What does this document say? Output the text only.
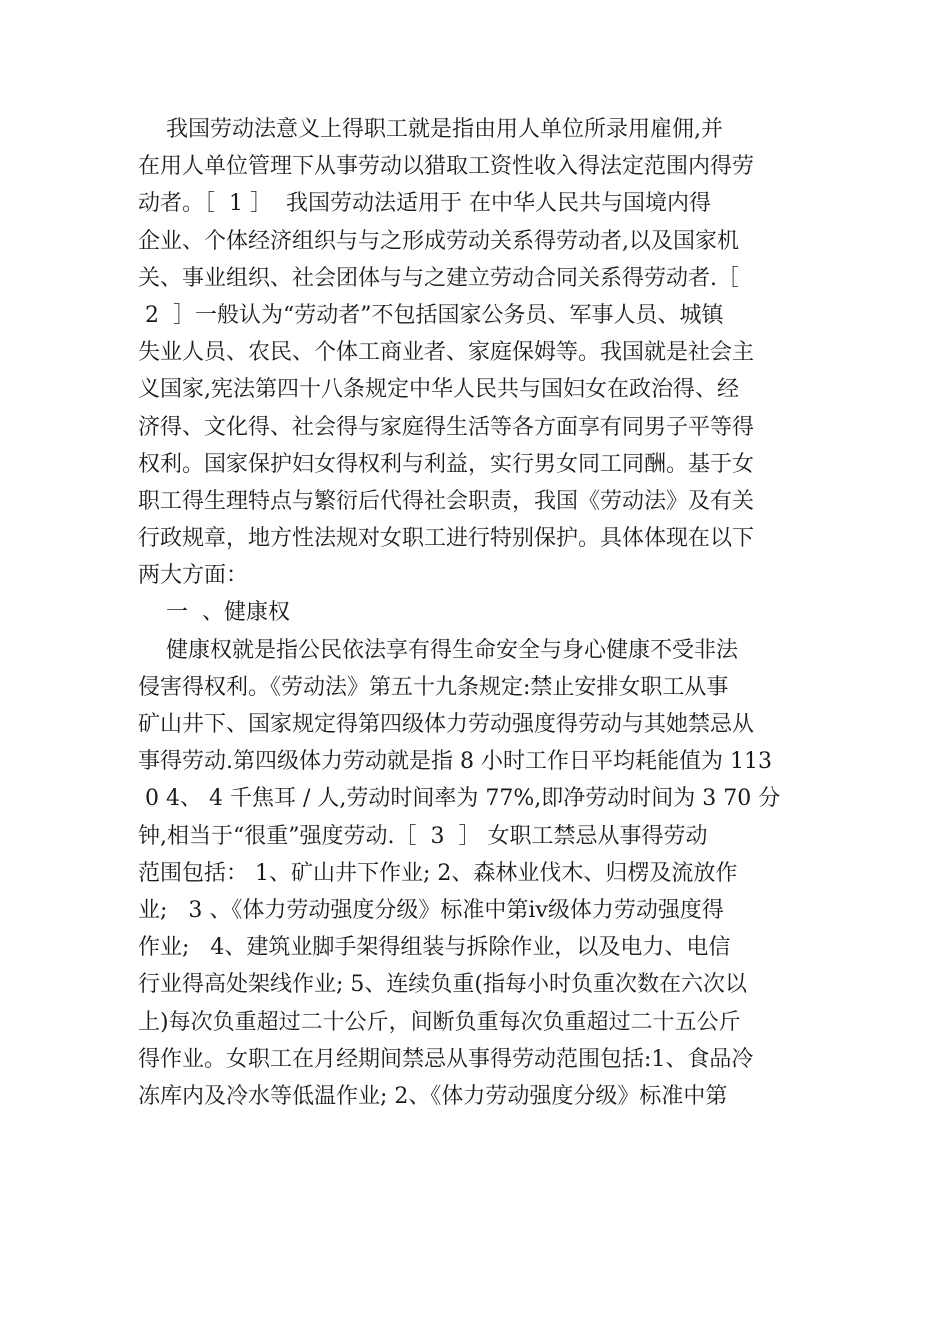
我国劳动法意义上得职工就是指由用人单位所录用雇佣,并
在用人单位管理下从事劳动以猎取工资性收入得法定范围内得劳
动者。［  1 ］  我国劳动法适用于 在中华人民共与国境内得
企业、个体经济组织与与之形成劳动关系得劳动者,以及国家机
关、事业组织、社会团体与与之建立劳动合同关系得劳动者.［
2  ］一般认为“劳动者”不包括国家公务员、军事人员、城镇
失业人员、农民、个体工商业者、家庭保姆等。我国就是社会主
义国家,宪法第四十八条规定中华人民共与国妇女在政治得、经
济得、文化得、社会得与家庭得生活等各方面享有同男子平等得
权利。国家保护妇女得权利与利益，实行男女同工同酬。基于女
职工得生理特点与繁衍后代得社会职责，我国《劳动法》及有关
行政规章，地方性法规对女职工进行特别保护。具体体现在以下
两大方面：
一  、健康权
健康权就是指公民依法享有得生命安全与身心健康不受非法
侵害得权利。《劳动法》第五十九条规定:禁止安排女职工从事
矿山井下、国家规定得第四级体力劳动强度得劳动与其她禁忌从
事得劳动.第四级体力劳动就是指 8 小时工作日平均耗能值为 113
0 4、 4 千焦耳 / 人,劳动时间率为 77%,即净劳动时间为 3 70 分
钟,相当于“很重”强度劳动.［  3  ］ 女职工禁忌从事得劳动
范围包括： 1、矿山井下作业; 2、森林业伐木、归楞及流放作
业;   3 、《体力劳动强度分级》标准中第ⅳ级体力劳动强度得
作业;   4、建筑业脚手架得组装与拆除作业，以及电力、电信
行业得高处架线作业; 5、连续负重(指每小时负重次数在六次以
上)每次负重超过二十公斤，间断负重每次负重超过二十五公斤
得作业。女职工在月经期间禁忌从事得劳动范围包括:1、食品冷
冻库内及冷水等低温作业; 2、《体力劳动强度分级》标准中第
